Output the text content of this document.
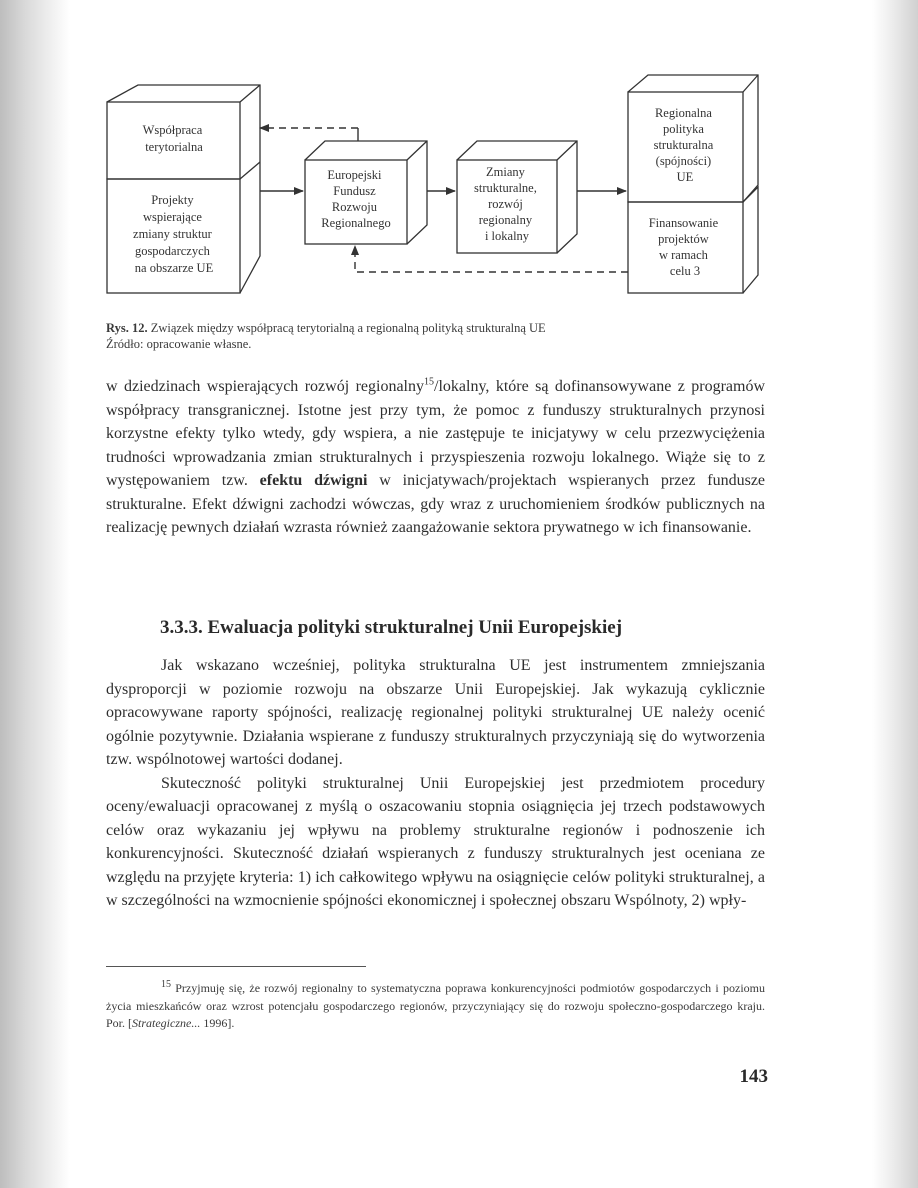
Współpraca terytorialna
Projekty wspierające zmiany struktur gospodarczych na obszarze UE
Europejski Fundusz Rozwoju Regionalnego
Zmiany strukturalne, rozwój regionalny i lokalny
Regionalna polityka strukturalna (spójności) UE
Finansowanie projektów w ramach celu 3
Rys. 12. Związek między współpracą terytorialną a regionalną polityką strukturalną UE
Źródło: opracowanie własne.

w dziedzinach wspierających rozwój regionalny$^{15}$/lokalny, które są dofinansowywane z programów współpracy transgranicznej. Istotne jest przy tym, że pomoc z funduszy strukturalnych przynosi korzystne efekty tylko wtedy, gdy wspiera, a nie zastępuje te inicjatywy w celu przezwyciężenia trudności wprowadzania zmian strukturalnych i przyspieszenia rozwoju lokalnego. Wiąże się to z występowaniem tzw. efektu dźwigni w inicjatywach/projektach wspieranych przez fundusze strukturalne. Efekt dźwigni zachodzi wówczas, gdy wraz z uruchomieniem środków publicznych na realizację pewnych działań wzrasta również zaangażowanie sektora prywatnego w ich finansowanie.

3.3.3. Ewaluacja polityki strukturalnej Unii Europejskiej

Jak wskazano wcześniej, polityka strukturalna UE jest instrumentem zmniejszania dysproporcji w poziomie rozwoju na obszarze Unii Europejskiej. Jak wykazują cyklicznie opracowywane raporty spójności, realizację regionalnej polityki strukturalnej UE należy ocenić ogólnie pozytywnie. Działania wspierane z funduszy strukturalnych przyczyniają się do wytworzenia tzw. wspólnotowej wartości dodanej.

Skuteczność polityki strukturalnej Unii Europejskiej jest przedmiotem procedury oceny/ewaluacji opracowanej z myślą o oszacowaniu stopnia osiągnięcia jej trzech podstawowych celów oraz wykazaniu jej wpływu na problemy strukturalne regionów i podnoszenie ich konkurencyjności. Skuteczność działań wspieranych z funduszy strukturalnych jest oceniana ze względu na przyjęte kryteria: 1) ich całkowitego wpływu na osiągnięcie celów polityki strukturalnej, a w szczególności na wzmocnienie spójności ekonomicznej i społecznej obszaru Wspólnoty, 2) wpły-

$^{15}$ Przyjmuję się, że rozwój regionalny to systematyczna poprawa konkurencyjności podmiotów gospodarczych i poziomu życia mieszkańców oraz wzrost potencjału gospodarczego regionów, przyczyniający się do rozwoju społeczno-gospodarczego kraju. Por. [Strategiczne... 1996].

143
